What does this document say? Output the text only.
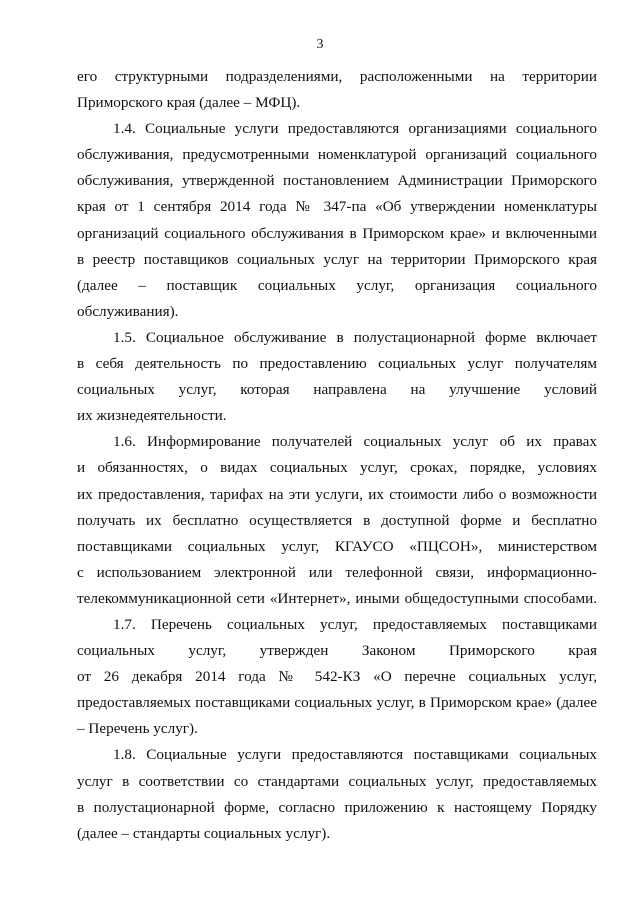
3
его структурными подразделениями, расположенными на территории
Приморского края (далее – МФЦ).
1.4. Социальные услуги предоставляются организациями социального
обслуживания, предусмотренными номенклатурой организаций социального
обслуживания, утвержденной постановлением Администрации Приморского
края от 1 сентября 2014 года № 347-па «Об утверждении номенклатуры
организаций социального обслуживания в Приморском крае» и включенными
в реестр поставщиков социальных услуг на территории Приморского края
(далее – поставщик социальных услуг, организация социального
обслуживания).
1.5. Социальное обслуживание в полустационарной форме включает
в себя деятельность по предоставлению социальных услуг получателям
социальных услуг, которая направлена на улучшение условий
их жизнедеятельности.
1.6. Информирование получателей социальных услуг об их правах
и обязанностях, о видах социальных услуг, сроках, порядке, условиях
их предоставления, тарифах на эти услуги, их стоимости либо о возможности
получать их бесплатно осуществляется в доступной форме и бесплатно
поставщиками социальных услуг, КГАУСО «ПЦСОН», министерством
с использованием электронной или телефонной связи, информационно-
телекоммуникационной сети «Интернет», иными общедоступными способами.
1.7. Перечень социальных услуг, предоставляемых поставщиками
социальных услуг, утвержден Законом Приморского края
от 26 декабря 2014 года № 542-КЗ «О перечне социальных услуг,
предоставляемых поставщиками социальных услуг, в Приморском крае» (далее
– Перечень услуг).
1.8. Социальные услуги предоставляются поставщиками социальных
услуг в соответствии со стандартами социальных услуг, предоставляемых
в полустационарной форме, согласно приложению к настоящему Порядку
(далее – стандарты социальных услуг).
